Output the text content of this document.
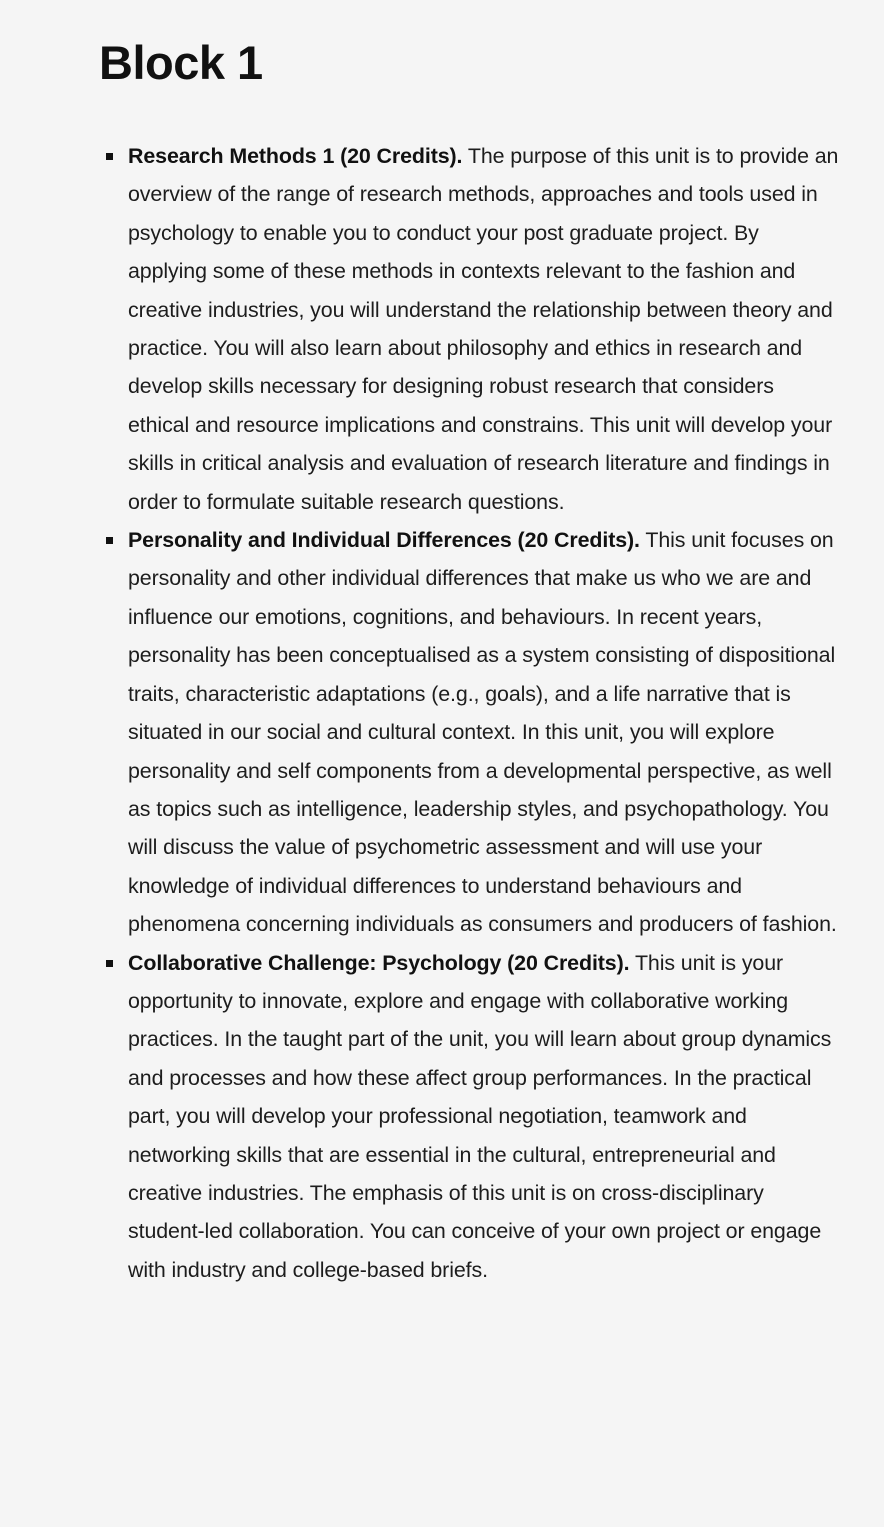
Block 1
Research Methods 1 (20 Credits). The purpose of this unit is to provide an overview of the range of research methods, approaches and tools used in psychology to enable you to conduct your post graduate project. By applying some of these methods in contexts relevant to the fashion and creative industries, you will understand the relationship between theory and practice. You will also learn about philosophy and ethics in research and develop skills necessary for designing robust research that considers ethical and resource implications and constrains. This unit will develop your skills in critical analysis and evaluation of research literature and findings in order to formulate suitable research questions.
Personality and Individual Differences (20 Credits). This unit focuses on personality and other individual differences that make us who we are and influence our emotions, cognitions, and behaviours. In recent years, personality has been conceptualised as a system consisting of dispositional traits, characteristic adaptations (e.g., goals), and a life narrative that is situated in our social and cultural context. In this unit, you will explore personality and self components from a developmental perspective, as well as topics such as intelligence, leadership styles, and psychopathology. You will discuss the value of psychometric assessment and will use your knowledge of individual differences to understand behaviours and phenomena concerning individuals as consumers and producers of fashion.
Collaborative Challenge: Psychology (20 Credits). This unit is your opportunity to innovate, explore and engage with collaborative working practices. In the taught part of the unit, you will learn about group dynamics and processes and how these affect group performances. In the practical part, you will develop your professional negotiation, teamwork and networking skills that are essential in the cultural, entrepreneurial and creative industries. The emphasis of this unit is on cross-disciplinary student-led collaboration. You can conceive of your own project or engage with industry and college-based briefs.
